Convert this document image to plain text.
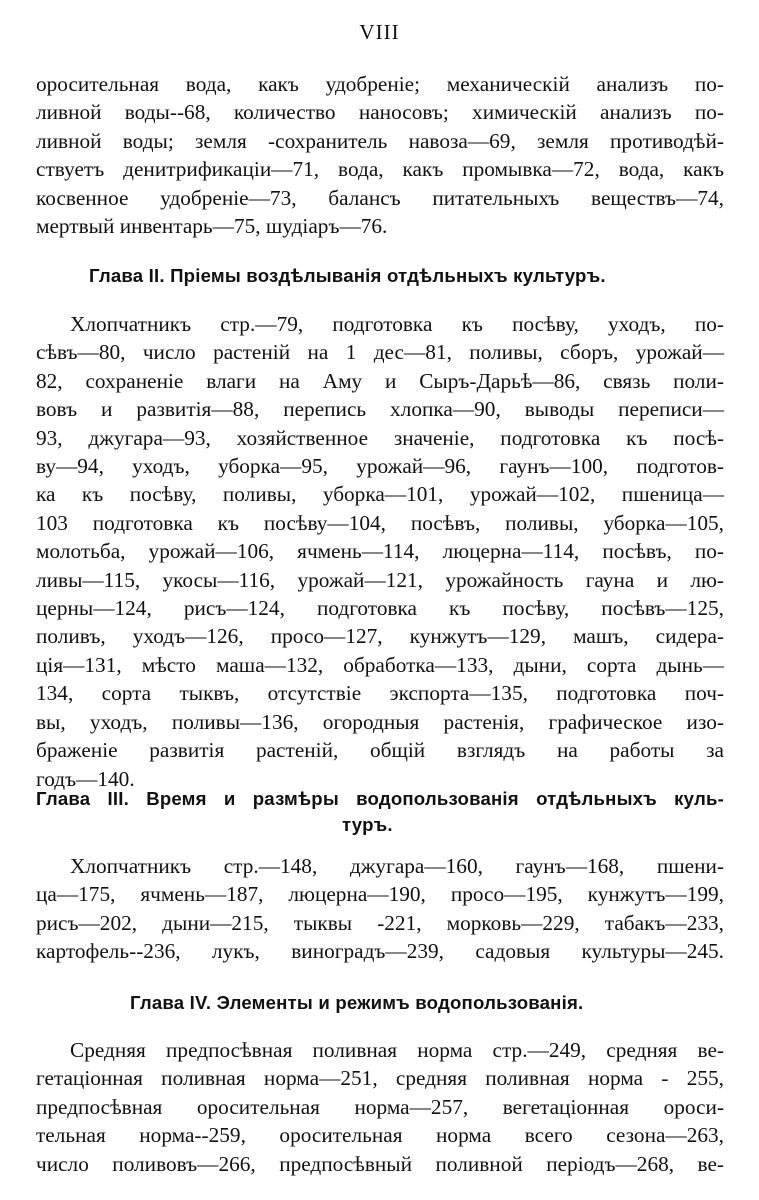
VIII
оросительная вода, какъ удобреніе; механическій анализъ по-
ливной воды--68, количество наносовъ; химическій анализъ по-
ливной воды; земля -сохранитель навоза—69, земля противодѣй-
ствуетъ денитрификаціи—71, вода, какъ промывка—72, вода, какъ
косвенное удобреніе—73, балансъ питательныхъ веществъ—74,
мертвый инвентарь—75, шудiаръ—76.
Глава II. Пріемы воздѣлыванія отдѣльныхъ культуръ.
Хлопчатникъ стр.—79, подготовка къ посѣву, уходъ, по-
сѣвъ—80, число растеній на 1 дес—81, поливы, сборъ, урожай—
82, сохраненіе влаги на Аму и Сыръ-Дарьѣ—86, связь поли-
вовъ и развитія—88, перепись хлопка—90, выводы переписи—
93, джугара—93, хозяйственное значеніе, подготовка къ посѣ-
ву—94, уходъ, уборка—95, урожай—96, гаунъ—100, подготов-
ка къ посѣву, поливы, уборка—101, урожай—102, пшеница—
103 подготовка къ посѣву—104, посѣвъ, поливы, уборка—105,
молотьба, урожай—106, ячмень—114, люцерна—114, посѣвъ, по-
ливы—115, укосы—116, урожай—121, урожайность гауна и лю-
церны—124, рисъ—124, подготовка къ посѣву, посѣвъ—125,
поливъ, уходъ—126, просо—127, кунжутъ—129, машъ, сидера-
ція—131, мѣсто маша—132, обработка—133, дыни, сорта дынь—
134, сорта тыквъ, отсутствіе экспорта—135, подготовка поч-
вы, уходъ, поливы—136, огородныя растенія, графическое изо-
браженіе развитія растеній, общій взглядъ на работы за
годъ—140.
Глава III. Время и размѣры водопользованія отдѣльныхъ куль-
туръ.
Хлопчатникъ стр.—148, джугара—160, гаунъ—168, пшени-
ца—175, ячмень—187, люцерна—190, просо—195, кунжутъ—199,
рисъ—202, дыни—215, тыквы -221, морковь—229, табакъ—233,
картофель--236, лукъ, виноградъ—239, садовыя культуры—245.
Глава IV. Элементы и режимъ водопользованія.
Средняя предпосѣвная поливная норма стр.—249, средняя ве-
гетаціонная поливная норма—251, средняя поливная норма - 255,
предпосѣвная оросительная норма—257, вегетаціонная ороси-
тельная норма--259, оросительная норма всего сезона—263,
число поливовъ—266, предпосѣвный поливной періодъ—268, ве-
